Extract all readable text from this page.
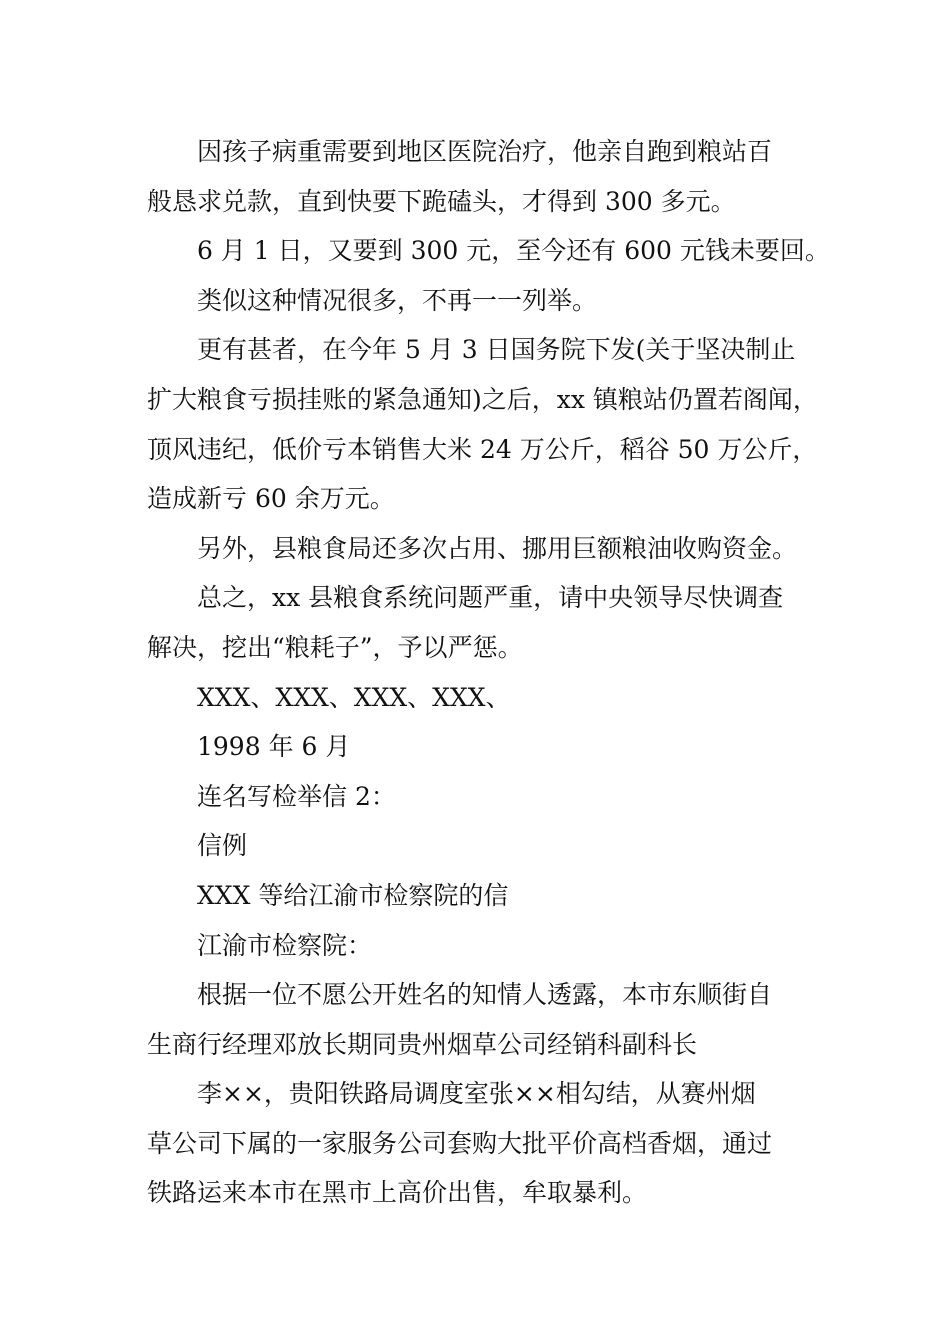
因孩子病重需要到地区医院治疗，他亲自跑到粮站百
般恳求兑款，直到快要下跪磕头，才得到 300 多元。
6 月 1 日，又要到 300 元，至今还有 600 元钱未要回。
类似这种情况很多，不再一一列举。
更有甚者，在今年 5 月 3 日国务院下发(关于坚决制止
扩大粮食亏损挂账的紧急通知)之后，xx 镇粮站仍置若阁闻，
顶风违纪，低价亏本销售大米 24 万公斤，稻谷 50 万公斤，
造成新亏 60 余万元。
另外，县粮食局还多次占用、挪用巨额粮油收购资金。
总之，xx 县粮食系统问题严重，请中央领导尽快调查
解决，挖出“粮耗子”，予以严惩。
XXX、XXX、XXX、XXX、
1998 年 6 月
连名写检举信 2：
信例
XXX 等给江渝市检察院的信
江渝市检察院：
根据一位不愿公开姓名的知情人透露，本市东顺街自
生商行经理邓放长期同贵州烟草公司经销科副科长
李××，贵阳铁路局调度室张××相勾结，从赛州烟
草公司下属的一家服务公司套购大批平价高档香烟，通过
铁路运来本市在黑市上高价出售，牟取暴利。
